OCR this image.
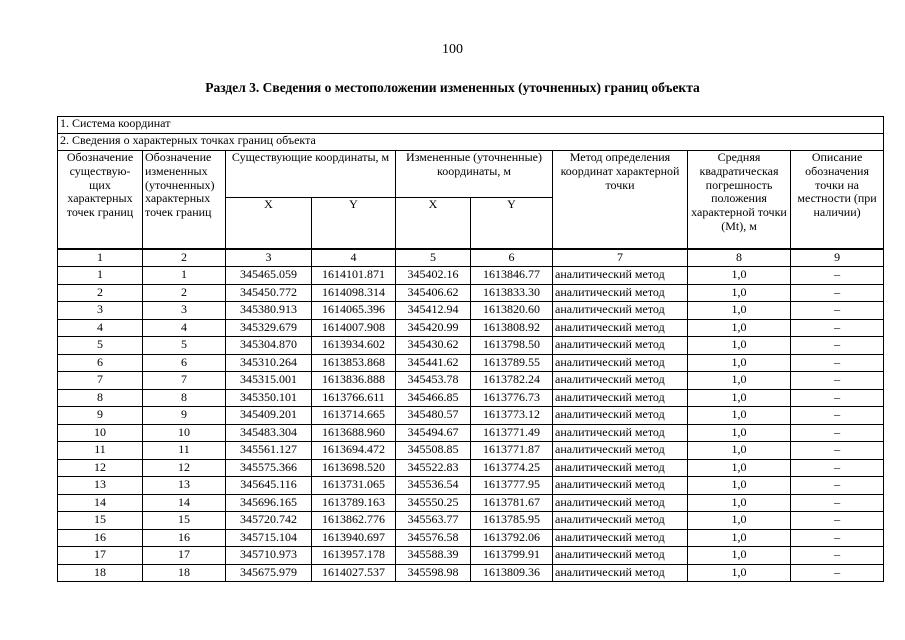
100
Раздел 3. Сведения о местоположении измененных (уточненных) границ объекта
1. Система координат								
2. Сведения о характерных точках границ объекта								
Обозначение существую-щих характерных точек границ	Обозначение измененных (уточненных) характерных точек границ	Существующие координаты, м		Измененные (уточненные) координаты, м		Метод определения координат характерной точки	Средняя квадратическая погрешность положения характерной точки (Mt), м	Описание обозначения точки на местности (при наличии)
		X	Y	X	Y			
1	2	3	4	5	6	7	8	9
1	1	345465.059	1614101.871	345402.16	1613846.77	аналитический метод	1,0	–
2	2	345450.772	1614098.314	345406.62	1613833.30	аналитический метод	1,0	–
3	3	345380.913	1614065.396	345412.94	1613820.60	аналитический метод	1,0	–
4	4	345329.679	1614007.908	345420.99	1613808.92	аналитический метод	1,0	–
5	5	345304.870	1613934.602	345430.62	1613798.50	аналитический метод	1,0	–
6	6	345310.264	1613853.868	345441.62	1613789.55	аналитический метод	1,0	–
7	7	345315.001	1613836.888	345453.78	1613782.24	аналитический метод	1,0	–
8	8	345350.101	1613766.611	345466.85	1613776.73	аналитический метод	1,0	–
9	9	345409.201	1613714.665	345480.57	1613773.12	аналитический метод	1,0	–
10	10	345483.304	1613688.960	345494.67	1613771.49	аналитический метод	1,0	–
11	11	345561.127	1613694.472	345508.85	1613771.87	аналитический метод	1,0	–
12	12	345575.366	1613698.520	345522.83	1613774.25	аналитический метод	1,0	–
13	13	345645.116	1613731.065	345536.54	1613777.95	аналитический метод	1,0	–
14	14	345696.165	1613789.163	345550.25	1613781.67	аналитический метод	1,0	–
15	15	345720.742	1613862.776	345563.77	1613785.95	аналитический метод	1,0	–
16	16	345715.104	1613940.697	345576.58	1613792.06	аналитический метод	1,0	–
17	17	345710.973	1613957.178	345588.39	1613799.91	аналитический метод	1,0	–
18	18	345675.979	1614027.537	345598.98	1613809.36	аналитический метод	1,0	–
